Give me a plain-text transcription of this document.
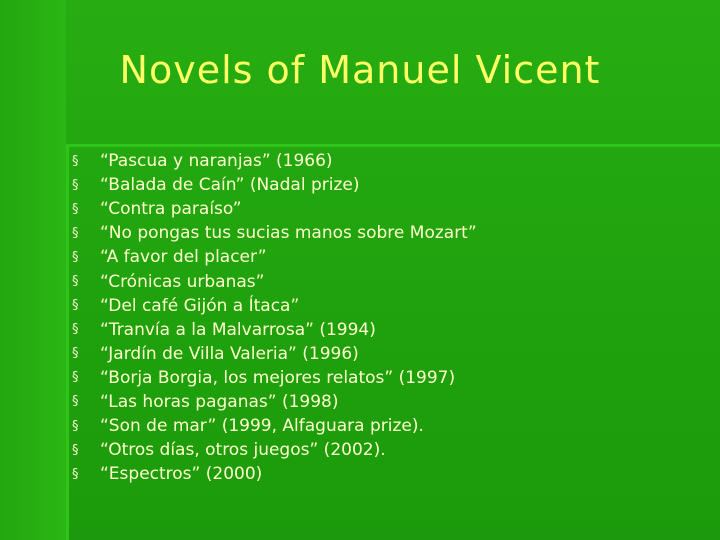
Novels of Manuel Vicent
§	“Pascua y naranjas” (1966)
§	“Balada de Caín” (Nadal prize)
§	“Contra paraíso”
§	“No pongas tus sucias manos sobre Mozart”
§	“A favor del placer”
§	“Crónicas urbanas”
§	“Del café Gijón a Ítaca”
§	“Tranvía a la Malvarrosa” (1994)
§	“Jardín de Villa Valeria” (1996)
§	“Borja Borgia, los mejores relatos” (1997)
§	“Las horas paganas” (1998)
§	“Son de mar” (1999, Alfaguara prize).
§	“Otros días, otros juegos” (2002).
§	“Espectros” (2000)
